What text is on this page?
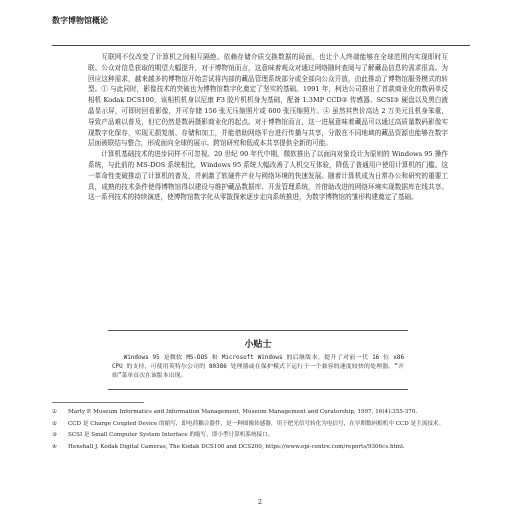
数字博物馆概论

互联网不仅改变了计算机之间相互隔绝、依赖存储介质交换数据的局面，也让个人终端能够在全球范围内实现即时互联。公众对信息获取的期望大幅提升，对于博物馆而言，这意味着观众对通过网络随时查阅与了解藏品信息的需求很高。为回应这种需求，越来越多的博物馆开始尝试将内部的藏品管理系统部分或全部向公众开放，由此推动了博物馆服务模式的转型。① 与此同时，影像技术的突破也为博物馆数字化奠定了坚实的基础。1991 年，柯达公司推出了首款商业化的数码单反相机 Kodak DCS100，该相机机身以尼康 F3 胶片机机身为基础，配备 1.3MP CCD② 传感器、SCSI③ 硬盘以及黑白液晶显示屏，可即时回看影像，并可存储 156 张无压缩照片或 600 张压缩照片。④ 虽然其售价高达 2 万美元且机身笨重，导致产品难以普及，但它仍然是数码摄影商业化的起点。对于博物馆而言，这一进展意味着藏品可以通过高质量数码影像实现数字化保存，实现无损复制、存储和加工，并能借助网络平台进行传播与共享，分散在不同地域的藏品资源也能够在数字层面被联结与整合，形成面向全球的展示、跨馆研究和低成本共享提供全新的可能。

计算机基础技术的进步同样不可忽视。20 世纪 90 年代中期，微软推出了以面向对象设计为原则的 Windows 95 操作系统，与此前的 MS-DOS 系统相比，Windows 95 系统大幅改善了人机交互体验，降低了普通用户使用计算机的门槛。这一革命性变破推动了计算机的普及，并刺激了软硬件产业与网络环境的快速发展。随着计算机成为日常办公和研究的重要工具，成熟的技术条件使得博物馆得以建设与维护藏品数据库、开发管理系统，并借助改进的网络环境实现数据库在线共享。这一系列技术的持续演进，使博物馆数字化从零散探索逐步走向系统推进，为数字博物馆的雏形构建奠定了基础。

小贴士
Windows 95 是微软 MS-DOS 和 Microsoft Windows 的后继版本，提升了对前一代 16 位 x86 CPU 的支持，可使用英特尔公司的 80386 处理器或在保护模式下运行于一个兼容的速度较快的处理器。“开始”菜单首次在该版本出现。
①	Marty P. Museum Informatics and Information Management, Museum Management and Curatorship, 1997, 16(4):355-370.
②	CCD 是 Charge Coupled Device 的缩写，即电荷耦合器件，是一种图像传感器，用于把光信号转化为电信号，在早期数码相机中 CCD 是主流技术。
③	SCSI 是 Small Computer System Interface 的缩写，即小型计算机系统接口。
④	Henshall J. Kodak Digital Cameras, The Kodak DCS100 and DCS200, https://www.epi-centre.com/reports/9306cs.html.
2
